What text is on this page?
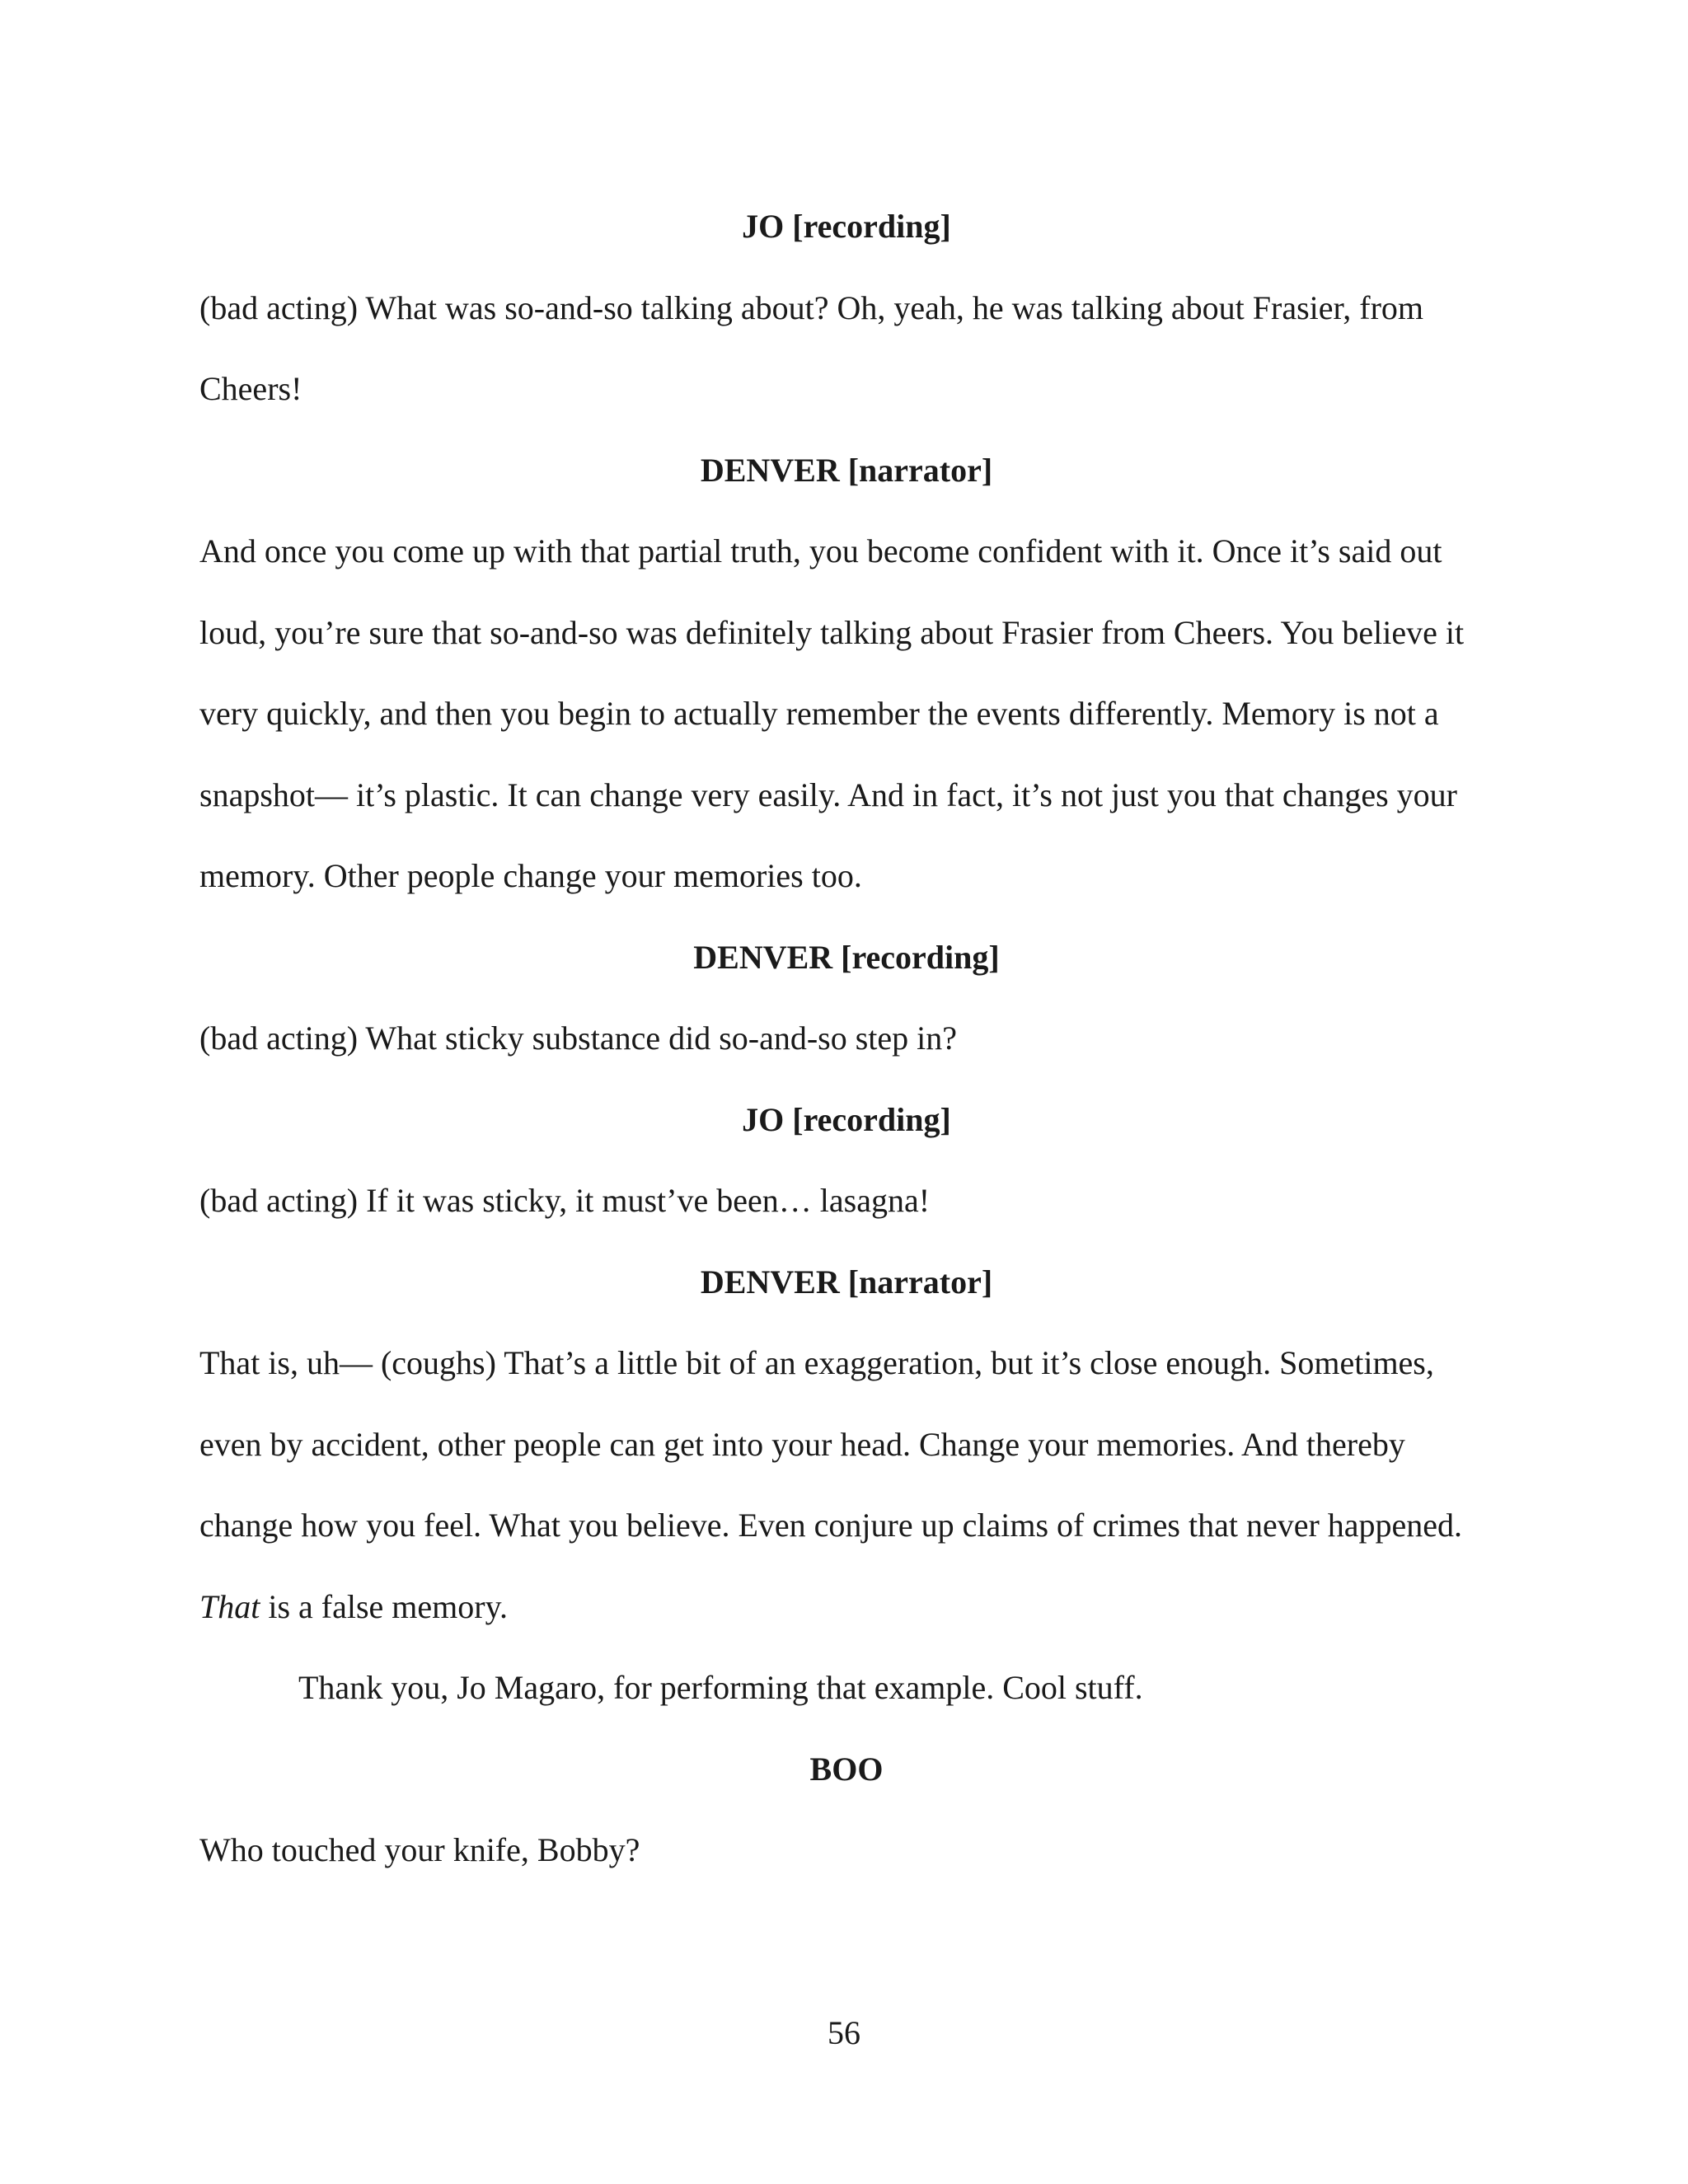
JO [recording]

(bad acting) What was so-and-so talking about? Oh, yeah, he was talking about Frasier, from Cheers!

DENVER [narrator]

And once you come up with that partial truth, you become confident with it. Once it’s said out loud, you’re sure that so-and-so was definitely talking about Frasier from Cheers. You believe it very quickly, and then you begin to actually remember the events differently. Memory is not a snapshot— it’s plastic. It can change very easily. And in fact, it’s not just you that changes your memory. Other people change your memories too.

DENVER [recording]

(bad acting) What sticky substance did so-and-so step in?

JO [recording]

(bad acting) If it was sticky, it must’ve been… lasagna!

DENVER [narrator]

That is, uh— (coughs) That’s a little bit of an exaggeration, but it’s close enough. Sometimes, even by accident, other people can get into your head. Change your memories. And thereby change how you feel. What you believe. Even conjure up claims of crimes that never happened.

That is a false memory.

Thank you, Jo Magaro, for performing that example. Cool stuff.

BOO

Who touched your knife, Bobby?

56
